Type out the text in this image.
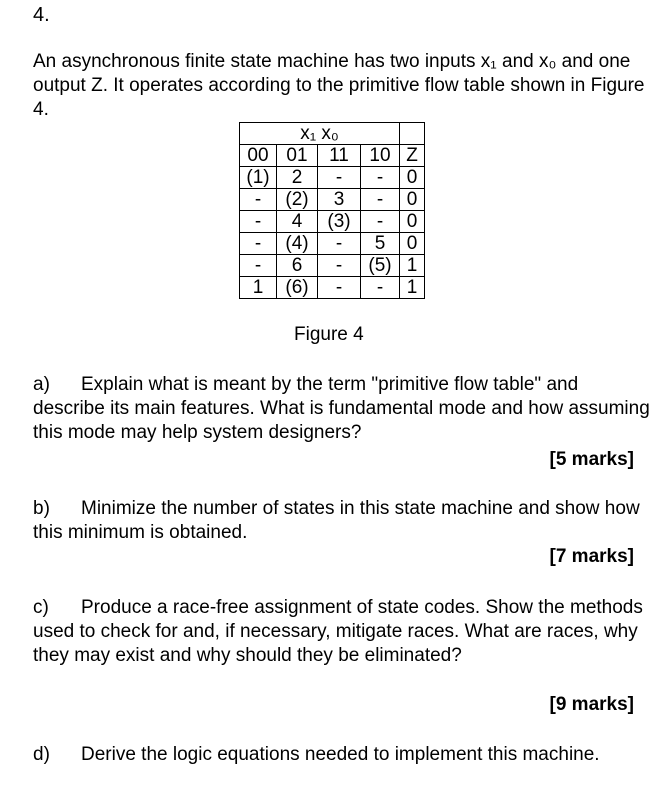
4.
An asynchronous finite state machine has two inputs x₁ and x₀ and one output Z. It operates according to the primitive flow table shown in Figure 4.
x₁ x₀				
00	01	11	10	Z
(1)	2	-	-	0
-	(2)	3	-	0
-	4	(3)	-	0
-	(4)	-	5	0
-	6	-	(5)	1
1	(6)	-	-	1
Figure 4
a) Explain what is meant by the term "primitive flow table" and describe its main features. What is fundamental mode and how assuming this mode may help system designers?
[5 marks]
b) Minimize the number of states in this state machine and show how this minimum is obtained.
[7 marks]
c) Produce a race-free assignment of state codes. Show the methods used to check for and, if necessary, mitigate races. What are races, why they may exist and why should they be eliminated?
[9 marks]
d) Derive the logic equations needed to implement this machine.
